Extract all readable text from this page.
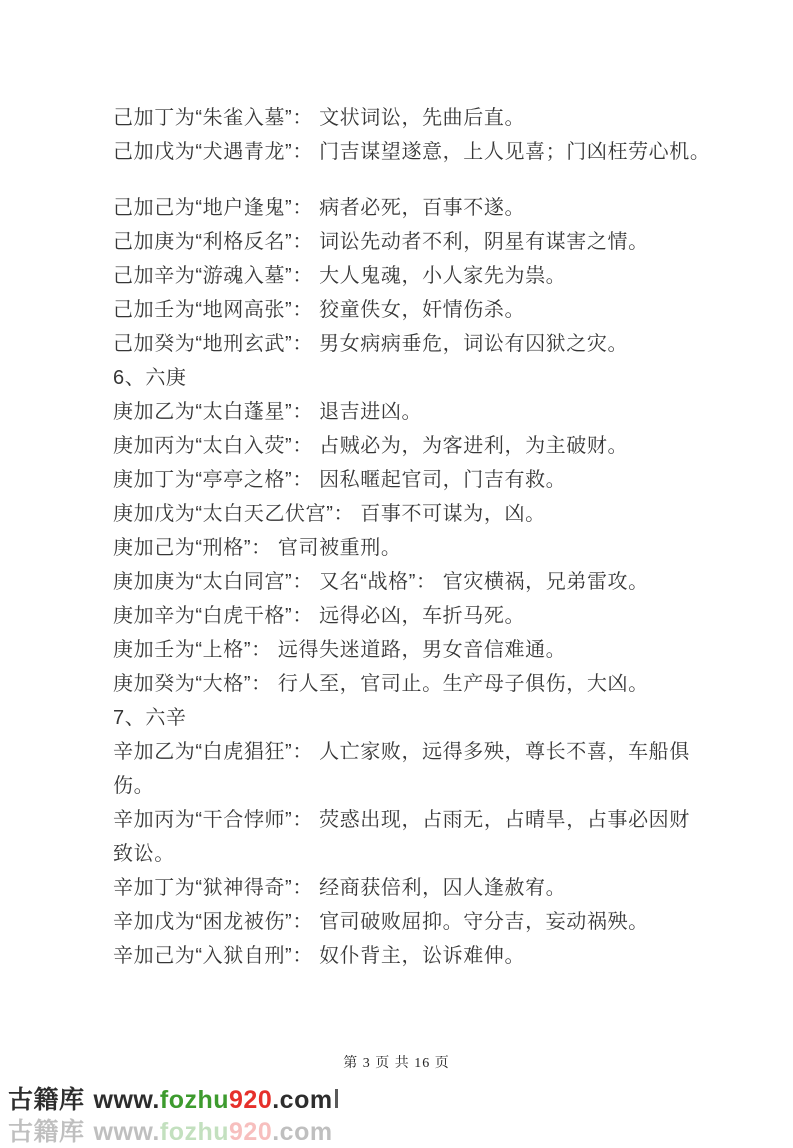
己加丁为“朱雀入墓”： 文状词讼，先曲后直。
己加戊为“犬遇青龙”： 门吉谋望遂意，上人见喜；门凶枉劳心机。
己加己为“地户逢鬼”： 病者必死，百事不遂。
己加庚为“利格反名”： 词讼先动者不利，阴星有谋害之情。
己加辛为“游魂入墓”： 大人鬼魂，小人家先为祟。
己加壬为“地网高张”： 狡童佚女，奸情伤杀。
己加癸为“地刑玄武”： 男女病病垂危，词讼有囚狱之灾。
6、六庚
庚加乙为“太白蓬星”： 退吉进凶。
庚加丙为“太白入荧”： 占贼必为，为客进利，为主破财。
庚加丁为“亭亭之格”： 因私暱起官司，门吉有救。
庚加戊为“太白天乙伏宫”： 百事不可谋为，凶。
庚加己为“刑格”： 官司被重刑。
庚加庚为“太白同宫”： 又名“战格”： 官灾横祸，兄弟雷攻。
庚加辛为“白虎干格”： 远得必凶，车折马死。
庚加壬为“上格”： 远得失迷道路，男女音信难通。
庚加癸为“大格”： 行人至，官司止。生产母子俱伤，大凶。
7、六辛
辛加乙为“白虎猖狂”： 人亡家败，远得多殃，尊长不喜，车船俱
伤。
辛加丙为“干合悖师”： 荧惑出现，占雨无，占晴旱，占事必因财
致讼。
辛加丁为“狱神得奇”： 经商获倍利，囚人逢赦宥。
辛加戊为“困龙被伤”： 官司破败屈抑。守分吉，妄动祸殃。
辛加己为“入狱自刑”： 奴仆背主，讼诉难伸。
第 3 页 共 16 页
古籍库 www.fozhu920.com
古籍库 www.fozhu920.com
